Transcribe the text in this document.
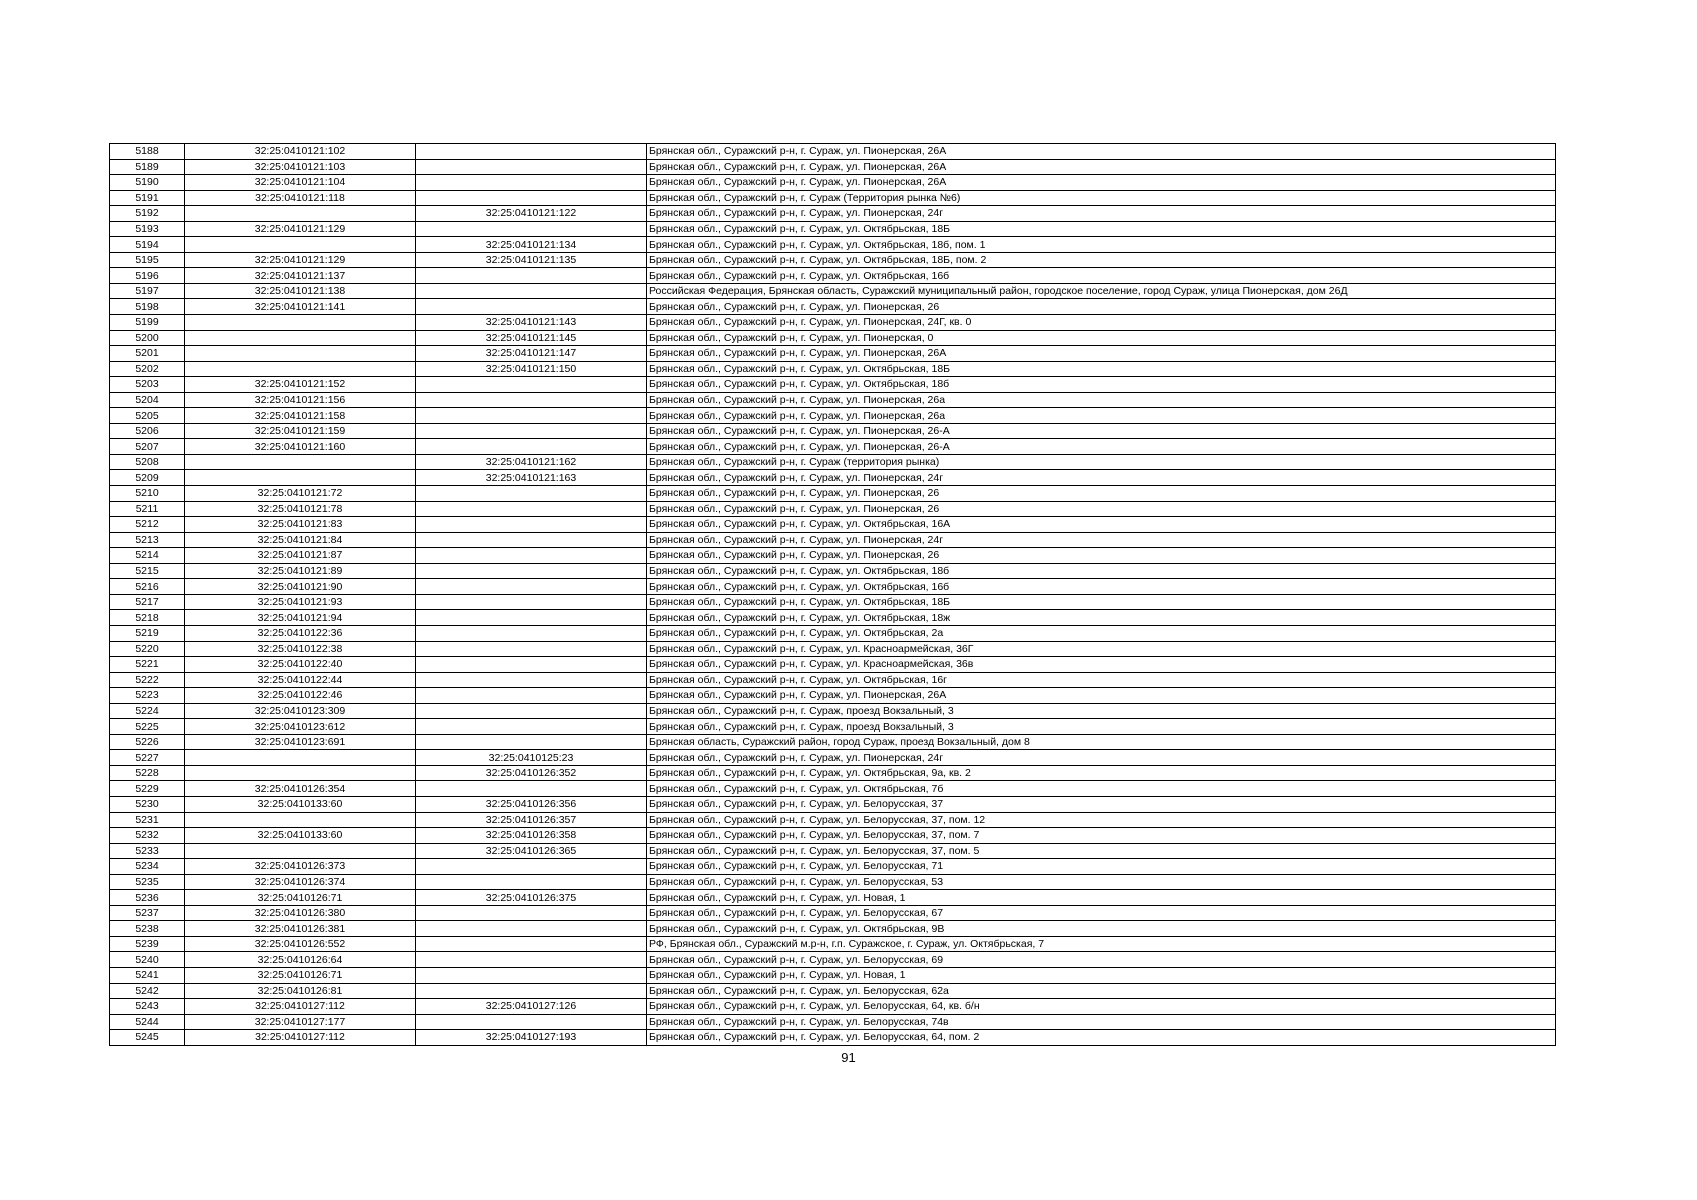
5188	32:25:0410121:102		Брянская обл., Суражский р-н, г. Сураж, ул. Пионерская, 26А
5189	32:25:0410121:103		Брянская обл., Суражский р-н, г. Сураж, ул. Пионерская, 26А
5190	32:25:0410121:104		Брянская обл., Суражский р-н, г. Сураж, ул. Пионерская, 26А
5191	32:25:0410121:118		Брянская обл., Суражский р-н, г. Сураж (Территория рынка №6)
5192		32:25:0410121:122	Брянская обл., Суражский р-н, г. Сураж, ул. Пионерская, 24г
5193	32:25:0410121:129		Брянская обл., Суражский р-н, г. Сураж, ул. Октябрьская, 18Б
5194		32:25:0410121:134	Брянская обл., Суражский р-н, г. Сураж, ул. Октябрьская, 18б, пом. 1
5195	32:25:0410121:129	32:25:0410121:135	Брянская обл., Суражский р-н, г. Сураж, ул. Октябрьская, 18Б, пом. 2
5196	32:25:0410121:137		Брянская обл., Суражский р-н, г. Сураж, ул. Октябрьская, 16б
5197	32:25:0410121:138		Российская Федерация, Брянская область, Суражский муниципальный район, городское поселение, город Сураж, улица Пионерская, дом 26Д
5198	32:25:0410121:141		Брянская обл., Суражский р-н, г. Сураж, ул. Пионерская, 26
5199		32:25:0410121:143	Брянская обл., Суражский р-н, г. Сураж, ул. Пионерская, 24Г, кв. 0
5200		32:25:0410121:145	Брянская обл., Суражский р-н, г. Сураж, ул. Пионерская, 0
5201		32:25:0410121:147	Брянская обл., Суражский р-н, г. Сураж, ул. Пионерская, 26А
5202		32:25:0410121:150	Брянская обл., Суражский р-н, г. Сураж, ул. Октябрьская, 18Б
5203	32:25:0410121:152		Брянская обл., Суражский р-н, г. Сураж, ул. Октябрьская, 18б
5204	32:25:0410121:156		Брянская обл., Суражский р-н, г. Сураж, ул. Пионерская, 26а
5205	32:25:0410121:158		Брянская обл., Суражский р-н, г. Сураж, ул. Пионерская, 26а
5206	32:25:0410121:159		Брянская обл., Суражский р-н, г. Сураж, ул. Пионерская, 26-А
5207	32:25:0410121:160		Брянская обл., Суражский р-н, г. Сураж, ул. Пионерская, 26-А
5208		32:25:0410121:162	Брянская обл., Суражский р-н, г. Сураж (территория рынка)
5209		32:25:0410121:163	Брянская обл., Суражский р-н, г. Сураж, ул. Пионерская, 24г
5210	32:25:0410121:72		Брянская обл., Суражский р-н, г. Сураж, ул. Пионерская, 26
5211	32:25:0410121:78		Брянская обл., Суражский р-н, г. Сураж, ул. Пионерская, 26
5212	32:25:0410121:83		Брянская обл., Суражский р-н, г. Сураж, ул. Октябрьская, 16А
5213	32:25:0410121:84		Брянская обл., Суражский р-н, г. Сураж, ул. Пионерская, 24г
5214	32:25:0410121:87		Брянская обл., Суражский р-н, г. Сураж, ул. Пионерская, 26
5215	32:25:0410121:89		Брянская обл., Суражский р-н, г. Сураж, ул. Октябрьская, 18б
5216	32:25:0410121:90		Брянская обл., Суражский р-н, г. Сураж, ул. Октябрьская, 16б
5217	32:25:0410121:93		Брянская обл., Суражский р-н, г. Сураж, ул. Октябрьская, 18Б
5218	32:25:0410121:94		Брянская обл., Суражский р-н, г. Сураж, ул. Октябрьская, 18ж
5219	32:25:0410122:36		Брянская обл., Суражский р-н, г. Сураж, ул. Октябрьская, 2а
5220	32:25:0410122:38		Брянская обл., Суражский р-н, г. Сураж, ул. Красноармейская, 36Г
5221	32:25:0410122:40		Брянская обл., Суражский р-н, г. Сураж, ул. Красноармейская, 36в
5222	32:25:0410122:44		Брянская обл., Суражский р-н, г. Сураж, ул. Октябрьская, 16г
5223	32:25:0410122:46		Брянская обл., Суражский р-н, г. Сураж, ул. Пионерская, 26А
5224	32:25:0410123:309		Брянская обл., Суражский р-н, г. Сураж, проезд Вокзальный, 3
5225	32:25:0410123:612		Брянская обл., Суражский р-н, г. Сураж, проезд Вокзальный, 3
5226	32:25:0410123:691		Брянская область, Суражский район, город Сураж, проезд Вокзальный, дом 8
5227		32:25:0410125:23	Брянская обл., Суражский р-н, г. Сураж, ул. Пионерская, 24г
5228		32:25:0410126:352	Брянская обл., Суражский р-н, г. Сураж, ул. Октябрьская, 9а, кв. 2
5229	32:25:0410126:354		Брянская обл., Суражский р-н, г. Сураж, ул. Октябрьская, 7б
5230	32:25:0410133:60	32:25:0410126:356	Брянская обл., Суражский р-н, г. Сураж, ул. Белорусская, 37
5231		32:25:0410126:357	Брянская обл., Суражский р-н, г. Сураж, ул. Белорусская, 37, пом. 12
5232	32:25:0410133:60	32:25:0410126:358	Брянская обл., Суражский р-н, г. Сураж, ул. Белорусская, 37, пом. 7
5233		32:25:0410126:365	Брянская обл., Суражский р-н, г. Сураж, ул. Белорусская, 37, пом. 5
5234	32:25:0410126:373		Брянская обл., Суражский р-н, г. Сураж, ул. Белорусская, 71
5235	32:25:0410126:374		Брянская обл., Суражский р-н, г. Сураж, ул. Белорусская, 53
5236	32:25:0410126:71	32:25:0410126:375	Брянская обл., Суражский р-н, г. Сураж, ул. Новая, 1
5237	32:25:0410126:380		Брянская обл., Суражский р-н, г. Сураж, ул. Белорусская, 67
5238	32:25:0410126:381		Брянская обл., Суражский р-н, г. Сураж, ул. Октябрьская, 9В
5239	32:25:0410126:552		РФ, Брянская обл., Суражский м.р-н, г.п. Суражское, г. Сураж, ул. Октябрьская, 7
5240	32:25:0410126:64		Брянская обл., Суражский р-н, г. Сураж, ул. Белорусская, 69
5241	32:25:0410126:71		Брянская обл., Суражский р-н, г. Сураж, ул. Новая, 1
5242	32:25:0410126:81		Брянская обл., Суражский р-н, г. Сураж, ул. Белорусская, 62а
5243	32:25:0410127:112	32:25:0410127:126	Брянская обл., Суражский р-н, г. Сураж, ул. Белорусская, 64, кв. б/н
5244	32:25:0410127:177		Брянская обл., Суражский р-н, г. Сураж, ул. Белорусская, 74в
5245	32:25:0410127:112	32:25:0410127:193	Брянская обл., Суражский р-н, г. Сураж, ул. Белорусская, 64, пом. 2
91
